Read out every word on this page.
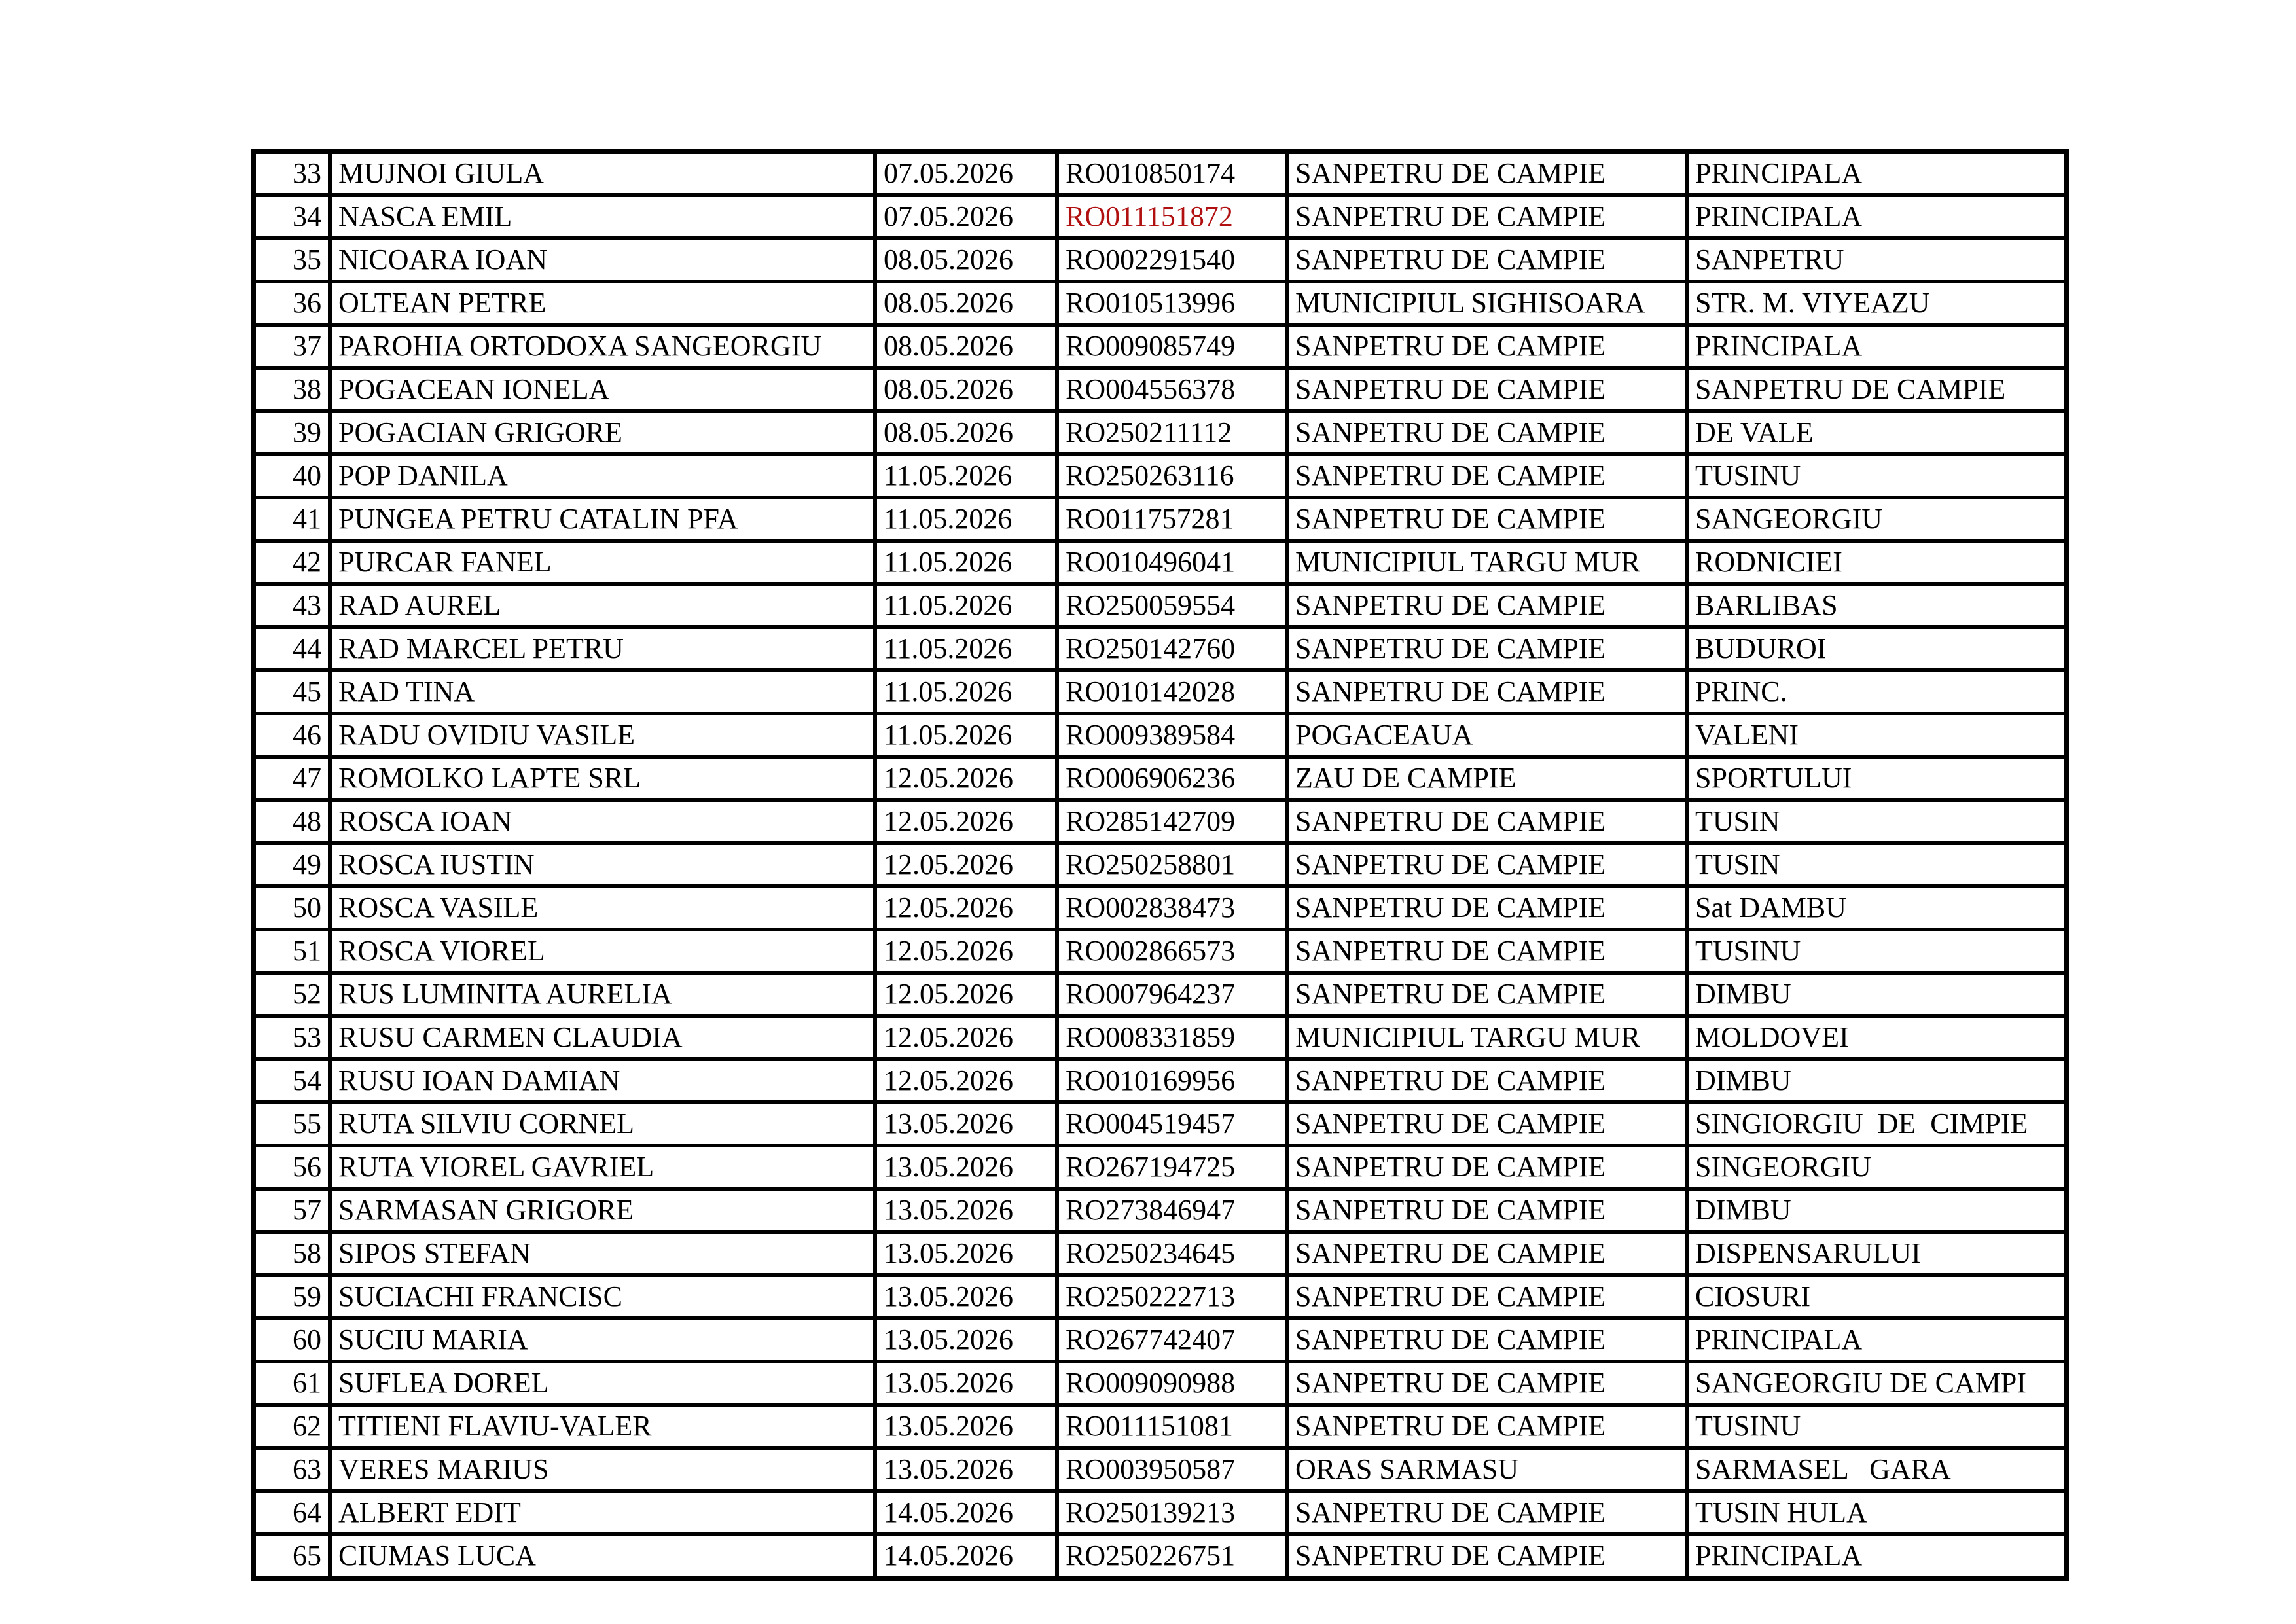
33	MUJNOI GIULA	07.05.2026	RO010850174	SANPETRU DE CAMPIE	PRINCIPALA
34	NASCA EMIL	07.05.2026	RO011151872	SANPETRU DE CAMPIE	PRINCIPALA
35	NICOARA IOAN	08.05.2026	RO002291540	SANPETRU DE CAMPIE	SANPETRU
36	OLTEAN PETRE	08.05.2026	RO010513996	MUNICIPIUL SIGHISOARA	STR. M. VIYEAZU
37	PAROHIA ORTODOXA SANGEORGIU	08.05.2026	RO009085749	SANPETRU DE CAMPIE	PRINCIPALA
38	POGACEAN IONELA	08.05.2026	RO004556378	SANPETRU DE CAMPIE	SANPETRU DE CAMPIE
39	POGACIAN GRIGORE	08.05.2026	RO250211112	SANPETRU DE CAMPIE	DE VALE
40	POP DANILA	11.05.2026	RO250263116	SANPETRU DE CAMPIE	TUSINU
41	PUNGEA PETRU CATALIN PFA	11.05.2026	RO011757281	SANPETRU DE CAMPIE	SANGEORGIU
42	PURCAR FANEL	11.05.2026	RO010496041	MUNICIPIUL TARGU MUR	RODNICIEI
43	RAD AUREL	11.05.2026	RO250059554	SANPETRU DE CAMPIE	BARLIBAS
44	RAD MARCEL PETRU	11.05.2026	RO250142760	SANPETRU DE CAMPIE	BUDUROI
45	RAD TINA	11.05.2026	RO010142028	SANPETRU DE CAMPIE	PRINC.
46	RADU OVIDIU VASILE	11.05.2026	RO009389584	POGACEAUA	VALENI
47	ROMOLKO LAPTE SRL	12.05.2026	RO006906236	ZAU DE CAMPIE	SPORTULUI
48	ROSCA IOAN	12.05.2026	RO285142709	SANPETRU DE CAMPIE	TUSIN
49	ROSCA IUSTIN	12.05.2026	RO250258801	SANPETRU DE CAMPIE	TUSIN
50	ROSCA VASILE	12.05.2026	RO002838473	SANPETRU DE CAMPIE	Sat DAMBU
51	ROSCA VIOREL	12.05.2026	RO002866573	SANPETRU DE CAMPIE	TUSINU
52	RUS LUMINITA AURELIA	12.05.2026	RO007964237	SANPETRU DE CAMPIE	DIMBU
53	RUSU CARMEN CLAUDIA	12.05.2026	RO008331859	MUNICIPIUL TARGU MUR	MOLDOVEI
54	RUSU IOAN DAMIAN	12.05.2026	RO010169956	SANPETRU DE CAMPIE	DIMBU
55	RUTA SILVIU CORNEL	13.05.2026	RO004519457	SANPETRU DE CAMPIE	SINGIORGIU  DE  CIMPIE
56	RUTA VIOREL GAVRIEL	13.05.2026	RO267194725	SANPETRU DE CAMPIE	SINGEORGIU
57	SARMASAN GRIGORE	13.05.2026	RO273846947	SANPETRU DE CAMPIE	DIMBU
58	SIPOS STEFAN	13.05.2026	RO250234645	SANPETRU DE CAMPIE	DISPENSARULUI
59	SUCIACHI FRANCISC	13.05.2026	RO250222713	SANPETRU DE CAMPIE	CIOSURI
60	SUCIU MARIA	13.05.2026	RO267742407	SANPETRU DE CAMPIE	PRINCIPALA
61	SUFLEA DOREL	13.05.2026	RO009090988	SANPETRU DE CAMPIE	SANGEORGIU DE CAMPI
62	TITIENI FLAVIU-VALER	13.05.2026	RO011151081	SANPETRU DE CAMPIE	TUSINU
63	VERES MARIUS	13.05.2026	RO003950587	ORAS SARMASU	SARMASEL   GARA
64	ALBERT EDIT	14.05.2026	RO250139213	SANPETRU DE CAMPIE	TUSIN HULA
65	CIUMAS LUCA	14.05.2026	RO250226751	SANPETRU DE CAMPIE	PRINCIPALA
